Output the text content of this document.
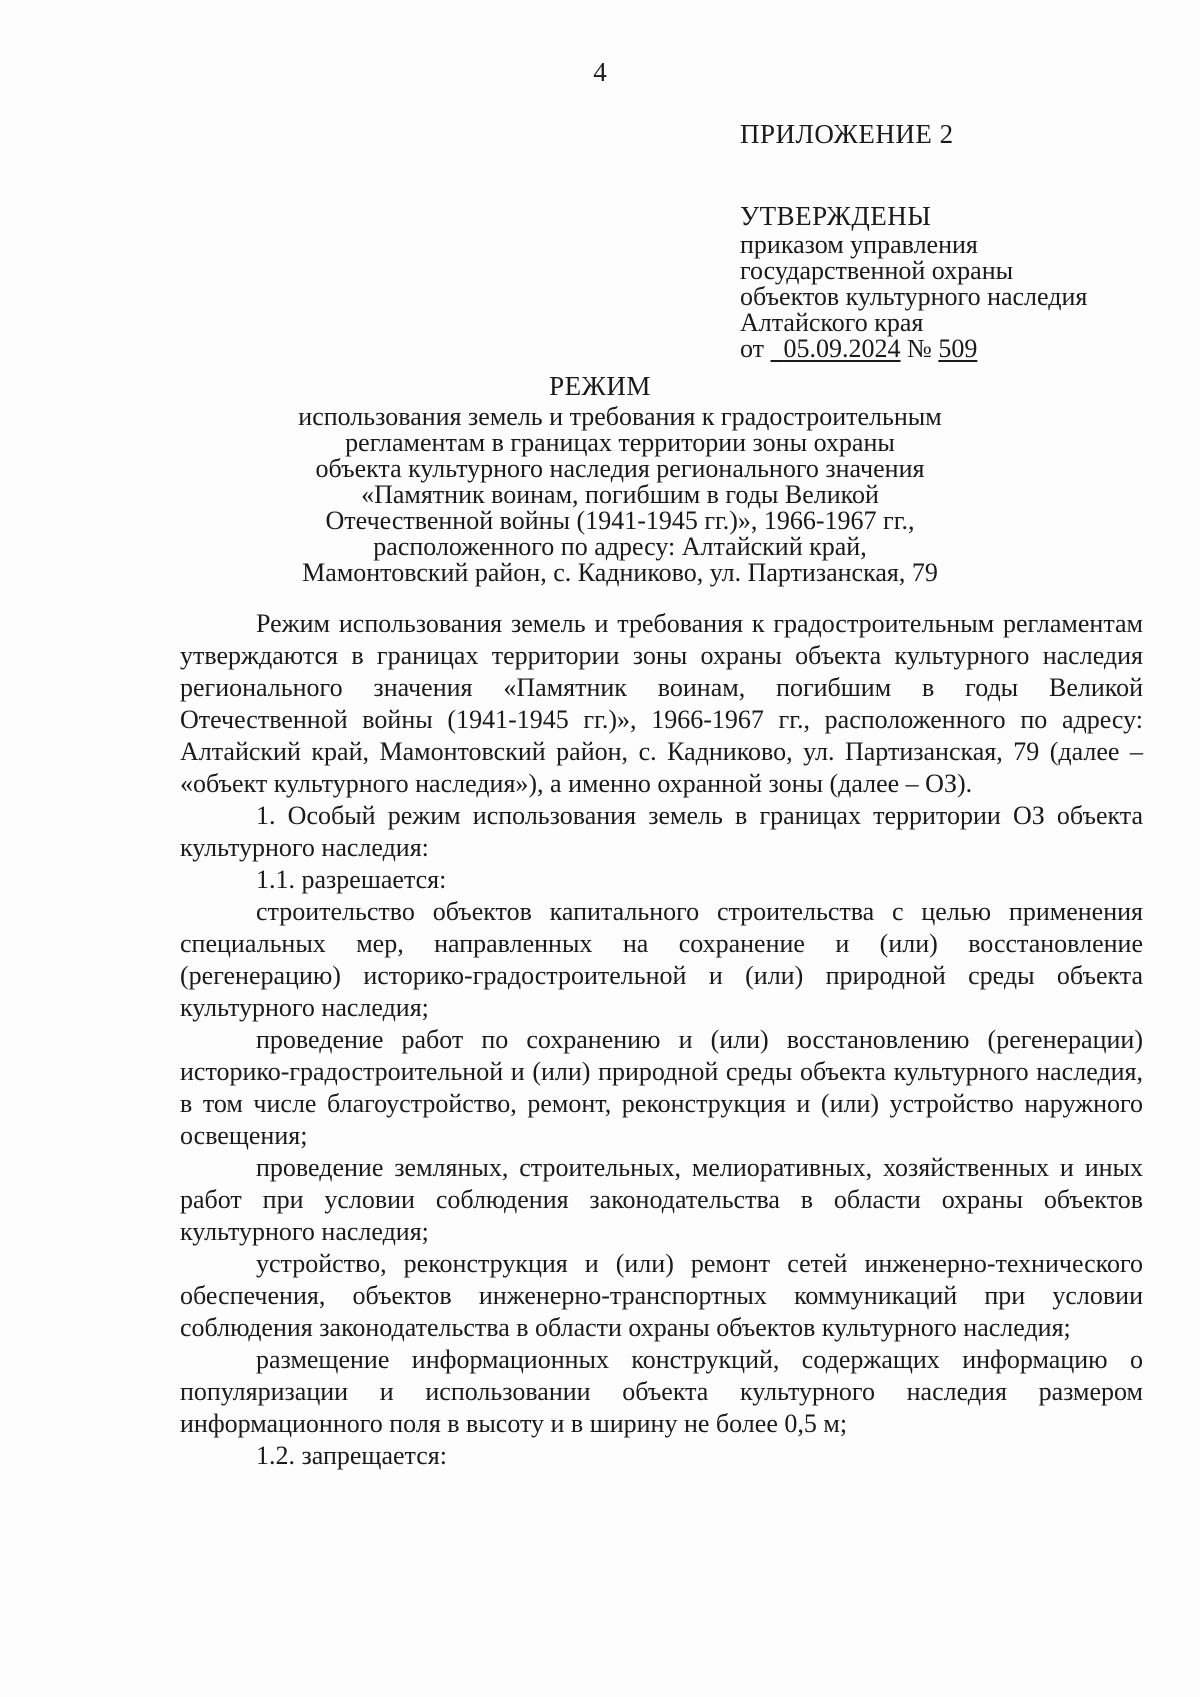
4
ПРИЛОЖЕНИЕ 2
УТВЕРЖДЕНЫ
приказом управления
государственной охраны
объектов культурного наследия
Алтайского края
от 05.09.2024 № 509
РЕЖИМ
использования земель и требования к градостроительным
регламентам в границах территории зоны охраны
объекта культурного наследия регионального значения
«Памятник воинам, погибшим в годы Великой
Отечественной войны (1941-1945 гг.)», 1966-1967 гг.,
расположенного по адресу: Алтайский край,
Мамонтовский район, с. Кадниково, ул. Партизанская, 79

Режим использования земель и требования к градостроительным регламентам утверждаются в границах территории зоны охраны объекта культурного наследия регионального значения «Памятник воинам, погибшим в годы Великой Отечественной войны (1941-1945 гг.)», 1966-1967 гг., расположенного по адресу: Алтайский край, Мамонтовский район, с. Кадниково, ул. Партизанская, 79 (далее – «объект культурного наследия»), а именно охранной зоны (далее – ОЗ).

1. Особый режим использования земель в границах территории ОЗ объекта культурного наследия:

1.1. разрешается:

строительство объектов капитального строительства с целью применения специальных мер, направленных на сохранение и (или) восстановление (регенерацию) историко-градостроительной и (или) природной среды объекта культурного наследия;

проведение работ по сохранению и (или) восстановлению (регенерации) историко-градостроительной и (или) природной среды объекта культурного наследия, в том числе благоустройство, ремонт, реконструкция и (или) устройство наружного освещения;

проведение земляных, строительных, мелиоративных, хозяйственных и иных работ при условии соблюдения законодательства в области охраны объектов культурного наследия;

устройство, реконструкция и (или) ремонт сетей инженерно-технического обеспечения, объектов инженерно-транспортных коммуникаций при условии соблюдения законодательства в области охраны объектов культурного наследия;

размещение информационных конструкций, содержащих информацию о популяризации и использовании объекта культурного наследия размером информационного поля в высоту и в ширину не более 0,5 м;

1.2. запрещается:
